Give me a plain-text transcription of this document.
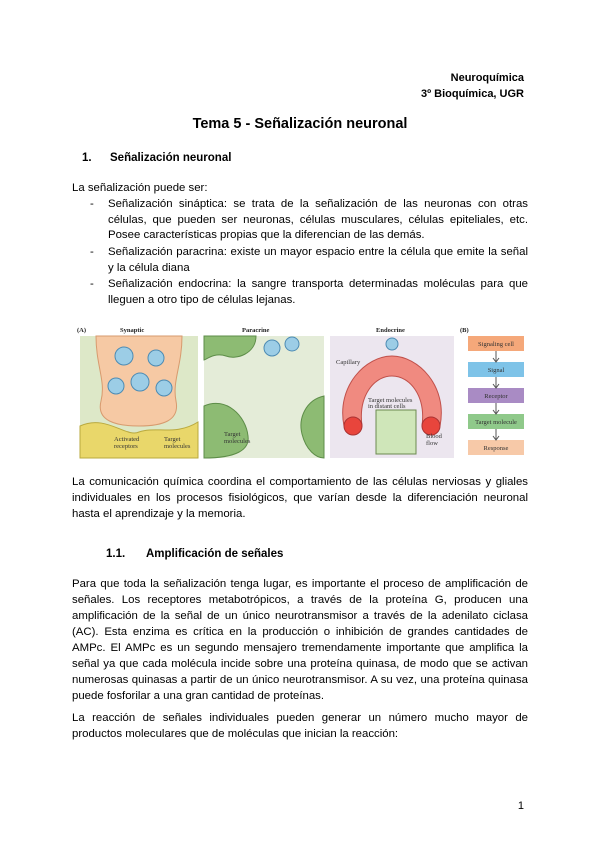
Neuroquímica
3º Bioquímica, UGR
Tema 5 - Señalización neuronal
1. Señalización neuronal
La señalización puede ser:
- Señalización sináptica: se trata de la señalización de las neuronas con otras células, que pueden ser neuronas, células musculares, células epiteliales, etc. Posee características propias que la diferencian de las demás.
- Señalización paracrina: existe un mayor espacio entre la célula que emite la señal y la célula diana
- Señalización endocrina: la sangre transporta determinadas moléculas para que lleguen a otro tipo de células lejanas.
(A)	Synaptic
Activated
receptors
Target
molecules
Paracrine
Target
molecules
Endocrine
Capillary
Target molecules
in distant cells
Blood
flow
(B)
Signaling cell
Signal
Receptor
Target molecule
Response
La comunicación química coordina el comportamiento de las células nerviosas y gliales individuales en los procesos fisiológicos, que varían desde la diferenciación neuronal hasta el aprendizaje y la memoria.
1.1. Amplificación de señales
Para que toda la señalización tenga lugar, es importante el proceso de amplificación de señales. Los receptores metabotrópicos, a través de la proteína G, producen una amplificación de la señal de un único neurotransmisor a través de la adenilato ciclasa (AC). Esta enzima es crítica en la producción o inhibición de grandes cantidades de AMPc. El AMPc es un segundo mensajero tremendamente importante que amplifica la señal ya que cada molécula incide sobre una proteína quinasa, de modo que se activan numerosas quinasas a partir de un único neurotransmisor. A su vez, una proteína quinasa puede fosforilar a una gran cantidad de proteínas.
La reacción de señales individuales pueden generar un número mucho mayor de productos moleculares que de moléculas que inician la reacción:
1
